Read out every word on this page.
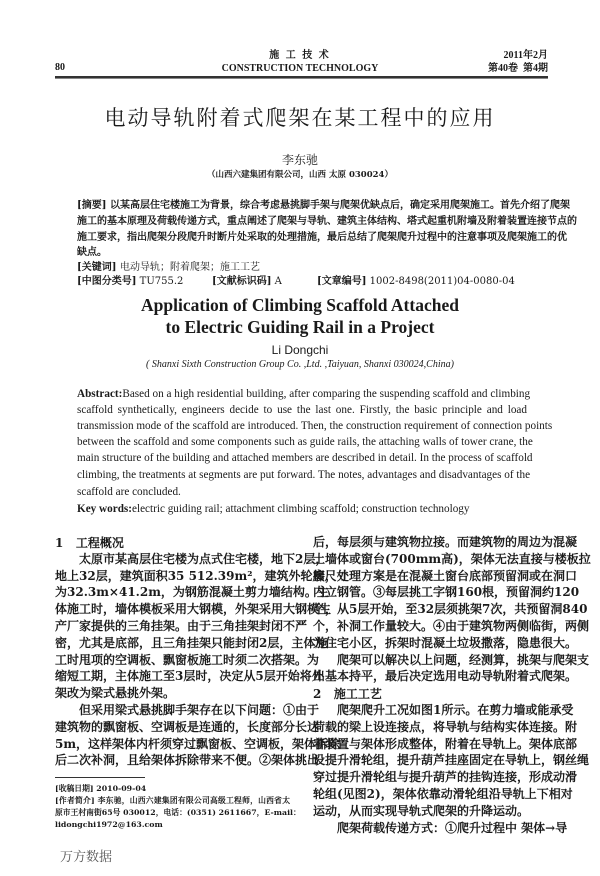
80
施 工 技 术
CONSTRUCTION TECHNOLOGY
2011年2月
第40卷  第4期
电动导轨附着式爬架在某工程中的应用
李东驰
（山西六建集团有限公司，山西 太原 030024）
[摘要] 以某高层住宅楼施工为背景，综合考虑悬挑脚手架与爬架优缺点后，确定采用爬架施工。首先介绍了爬架
施工的基本原理及荷载传递方式，重点阐述了爬架与导轨、建筑主体结构、塔式起重机附墙及附着装置连接节点的
施工要求，指出爬架分段爬升时断片处采取的处理措施，最后总结了爬架爬升过程中的注意事项及爬架施工的优
缺点。
[关键词] 电动导轨；附着爬架；施工工艺
[中图分类号] TU755.2	[文献标识码] A	[文章编号] 1002-8498(2011)04-0080-04
Application of Climbing Scaffold Attached
to Electric Guiding Rail in a Project
Li Dongchi
( Shanxi Sixth Construction Group Co. ,Ltd. ,Taiyuan, Shanxi 030024,China)
Abstract:Based on a high residential building, after comparing the suspending scaffold and climbing
scaffold synthetically, engineers decide to use the last one. Firstly, the basic principle and load
transmission mode of the scaffold are introduced. Then, the construction requirement of connection points
between the scaffold and some components such as guide rails, the attaching walls of tower crane, the
main structure of the building and attached members are described in detail. In the process of scaffold
climbing, the treatments at segments are put forward. The notes, advantages and disadvantages of the
scaffold are concluded.
Key words:electric guiding rail; attachment climbing scaffold; construction technology
1   工程概况
太原市某高层住宅楼为点式住宅楼，地下2层，
地上32层，建筑面积35 512.39m²，建筑外轮廓尺寸
为32.3m×41.2m，为钢筋混凝土剪力墙结构。主
体施工时，墙体模板采用大钢模，外架采用大钢模生
产厂家提供的三角挂架。由于三角挂架封闭不严
密，尤其是底部，且三角挂架只能封闭2层，主体施
工时甩项的空调板、飘窗板施工时须二次搭架。为
缩短工期，主体施工至3层时，决定从5层开始将外
架改为梁式悬挑外架。
但采用梁式悬挑脚手架存在以下问题：①由于
建筑物的飘窗板、空调板是连通的，长度部分长达
5m，这样架体内杆须穿过飘窗板、空调板，架体拆除
后二次补洞，且给架体拆除带来不便。②架体挑出
后，每层须与建筑物拉接。而建筑物的周边为混凝
土墙体或窗台(700mm高)，架体无法直接与楼板拉
接，处理方案是在混凝土窗台底部预留洞或在洞口
内立钢管。③每层挑工字钢160根，预留洞约120
个，从5层开始，至32层须挑架7次，共预留洞840
个，补洞工作量较大。④由于建筑物两侧临街，两侧
为住宅小区，拆架时混凝土垃圾撒落，隐患很大。
爬架可以解决以上问题，经测算，挑架与爬架支
出基本持平，最后决定选用电动导轨附着式爬架。
2   施工工艺
爬架爬升工况如图1所示。在剪力墙或能承受
荷载的梁上设连接点，将导轨与结构实体连接。附
着装置与架体形成整体，附着在导轨上。架体底部
设提升滑轮组，提升葫芦挂座固定在导轨上，钢丝绳
穿过提升滑轮组与提升葫芦的挂钩连接，形成动滑
轮组(见图2)，架体依靠动滑轮组沿导轨上下相对
运动，从而实现导轨式爬架的升降运动。
爬架荷载传递方式：①爬升过程中 架体→导
[收稿日期] 2010-09-04
[作者简介] 李东驰，山西六建集团有限公司高级工程师，山西省太
原市王村南街65号 030012，电话：(0351) 2611667，E-mail：
lidongchi1972@163.com
万方数据
